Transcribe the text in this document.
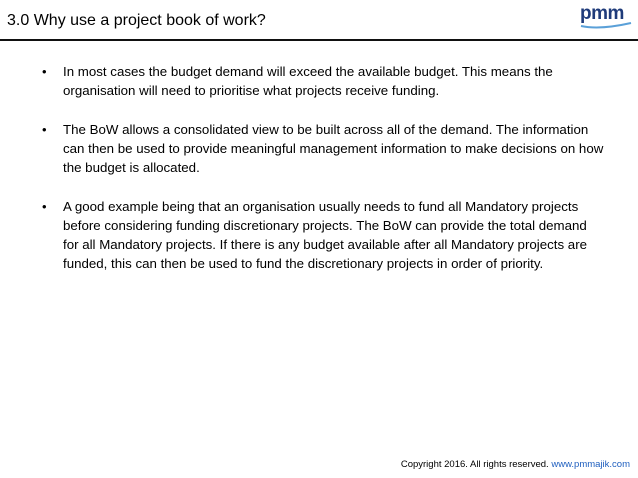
3.0 Why use a project book of work?	pmm
• In most cases the budget demand will exceed the available budget. This means the organisation will need to prioritise what projects receive funding.
• The BoW allows a consolidated view to be built across all of the demand. The information can then be used to provide meaningful management information to make decisions on how the budget is allocated.
• A good example being that an organisation usually needs to fund all Mandatory projects before considering funding discretionary projects. The BoW can provide the total demand for all Mandatory projects. If there is any budget available after all Mandatory projects are funded, this can then be used to fund the discretionary projects in order of priority.
Copyright 2016. All rights reserved. www.pmmajik.com
